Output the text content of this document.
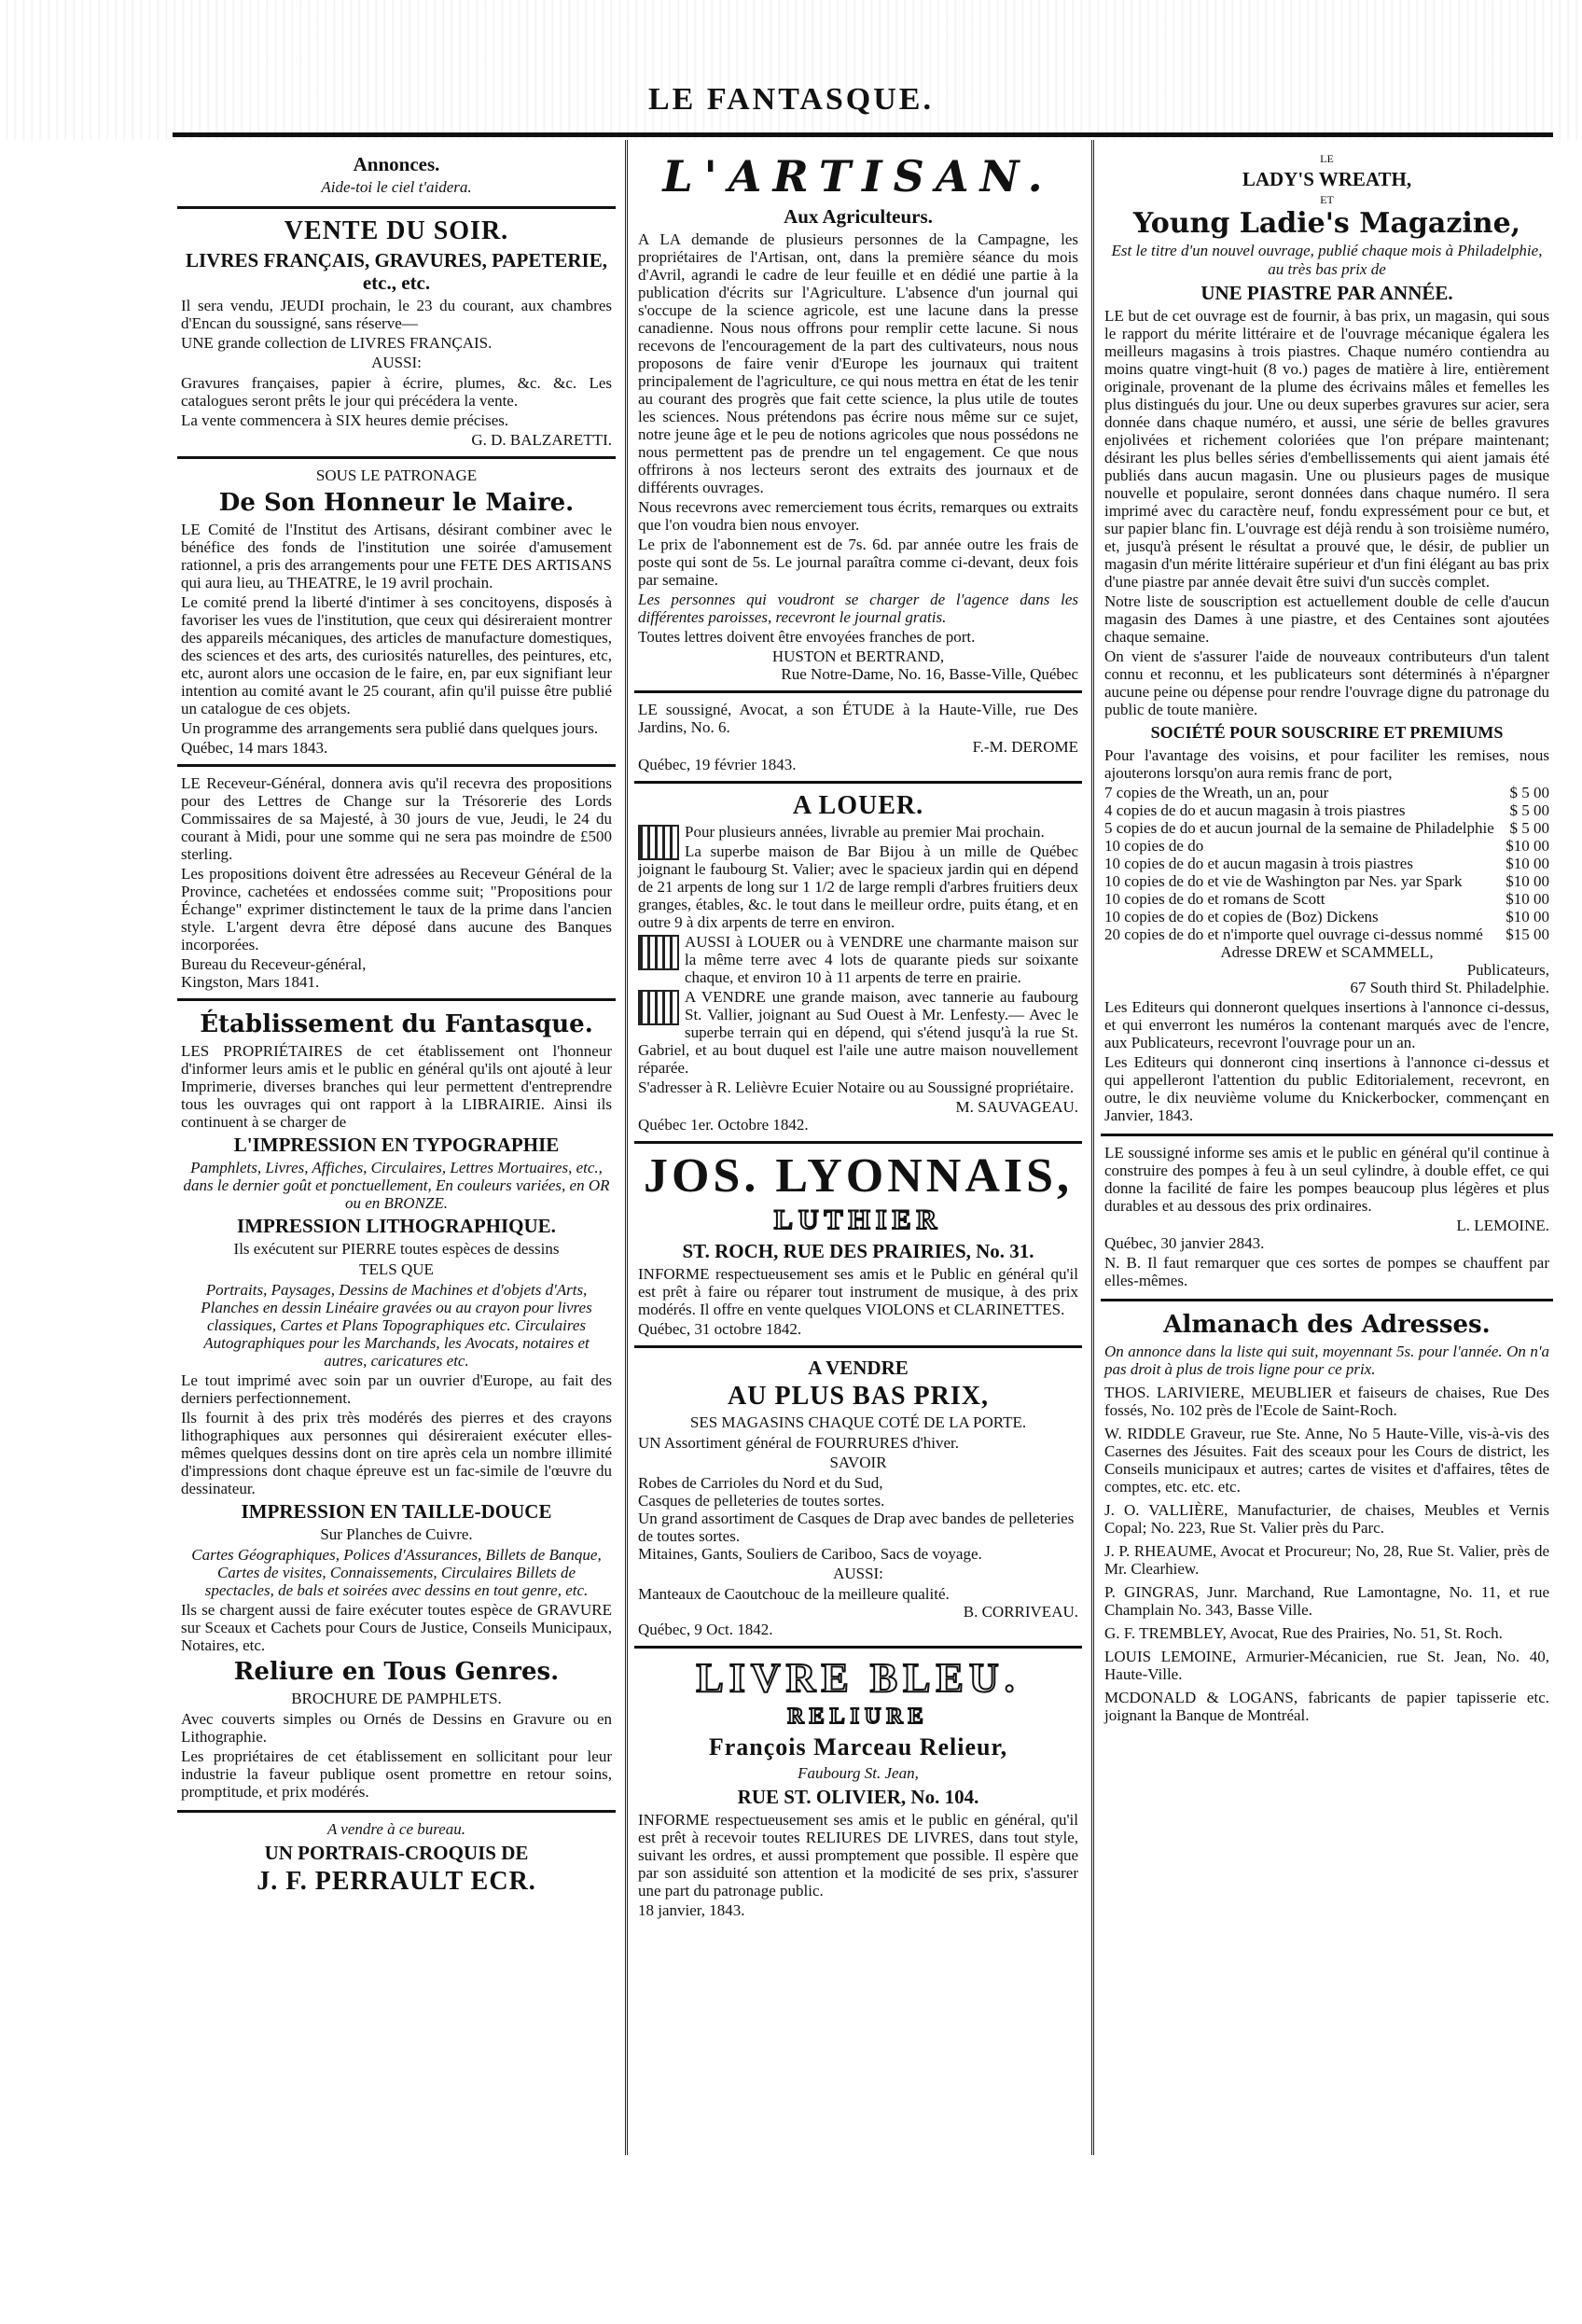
LE FANTASQUE.
Annonces.
Aide-toi le ciel t'aidera.
VENTE DU SOIR.
LIVRES FRANÇAIS, GRAVURES, PAPETERIE, etc., etc.

Il sera vendu, JEUDI prochain, le 23 du courant, aux chambres d'Encan du soussigné, sans réserve—

UNE grande collection de LIVRES FRANÇAIS.

AUSSI:

Gravures françaises, papier à écrire, plumes, &c. &c. Les catalogues seront prêts le jour qui précédera la vente.

La vente commencera à SIX heures demie précises.

G. D. BALZARETTI.
SOUS LE PATRONAGE
De Son Honneur le Maire.

LE Comité de l'Institut des Artisans, désirant combiner avec le bénéfice des fonds de l'institution une soirée d'amusement rationnel, a pris des arrangements pour une FETE DES ARTISANS qui aura lieu, au THEATRE, le 19 avril prochain.

Le comité prend la liberté d'intimer à ses concitoyens, disposés à favoriser les vues de l'institution, que ceux qui désireraient montrer des appareils mécaniques, des articles de manufacture domestiques, des sciences et des arts, des curiosités naturelles, des peintures, etc, etc, auront alors une occasion de le faire, en, par eux signifiant leur intention au comité avant le 25 courant, afin qu'il puisse être publié un catalogue de ces objets.

Un programme des arrangements sera publié dans quelques jours.

Québec, 14 mars 1843.

LE Receveur-Général, donnera avis qu'il recevra des propositions pour des Lettres de Change sur la Trésorerie des Lords Commissaires de sa Majesté, à 30 jours de vue, Jeudi, le 24 du courant à Midi, pour une somme qui ne sera pas moindre de £500 sterling.

Les propositions doivent être adressées au Receveur Général de la Province, cachetées et endossées comme suit; "Propositions pour Échange" exprimer distinctement le taux de la prime dans l'ancien style. L'argent devra être déposé dans aucune des Banques incorporées.

Bureau du Receveur-général,
Kingston, Mars 1841.
Établissement du Fantasque.

LES PROPRIÉTAIRES de cet établissement ont l'honneur d'informer leurs amis et le public en général qu'ils ont ajouté à leur Imprimerie, diverses branches qui leur permettent d'entreprendre tous les ouvrages qui ont rapport à la LIBRAIRIE. Ainsi ils continuent à se charger de

L'IMPRESSION EN TYPOGRAPHIE

Pamphlets, Livres, Affiches, Circulaires, Lettres Mortuaires, etc., dans le dernier goût et ponctuellement, En couleurs variées, en OR ou en BRONZE.

IMPRESSION LITHOGRAPHIQUE.
Ils exécutent sur PIERRE toutes espèces de dessins
TELS QUE

Portraits, Paysages, Dessins de Machines et d'objets d'Arts, Planches en dessin Linéaire gravées ou au crayon pour livres classiques, Cartes et Plans Topographiques etc. Circulaires Autographiques pour les Marchands, les Avocats, notaires et autres, caricatures etc.

Le tout imprimé avec soin par un ouvrier d'Europe, au fait des derniers perfectionnement.

Ils fournit à des prix très modérés des pierres et des crayons lithographiques aux personnes qui désireraient exécuter elles-mêmes quelques dessins dont on tire après cela un nombre illimité d'impressions dont chaque épreuve est un fac-simile de l'œuvre du dessinateur.

IMPRESSION EN TAILLE-DOUCE
Sur Planches de Cuivre.

Cartes Géographiques, Polices d'Assurances, Billets de Banque, Cartes de visites, Connaissements, Circulaires Billets de spectacles, de bals et soirées avec dessins en tout genre, etc.

Ils se chargent aussi de faire exécuter toutes espèce de GRAVURE sur Sceaux et Cachets pour Cours de Justice, Conseils Municipaux, Notaires, etc.

Reliure en Tous Genres.
BROCHURE DE PAMPHLETS.

Avec couverts simples ou Ornés de Dessins en Gravure ou en Lithographie.

Les propriétaires de cet établissement en sollicitant pour leur industrie la faveur publique osent promettre en retour soins, promptitude, et prix modérés.

A vendre à ce bureau.
UN PORTRAIS-CROQUIS DE
J. F. PERRAULT ECR.
L'ARTISAN.
Aux Agriculteurs.

A LA demande de plusieurs personnes de la Campagne, les propriétaires de l'Artisan, ont, dans la première séance du mois d'Avril, agrandi le cadre de leur feuille et en dédié une partie à la publication d'écrits sur l'Agriculture. L'absence d'un journal qui s'occupe de la science agricole, est une lacune dans la presse canadienne. Nous nous offrons pour remplir cette lacune. Si nous recevons de l'encouragement de la part des cultivateurs, nous nous proposons de faire venir d'Europe les journaux qui traitent principalement de l'agriculture, ce qui nous mettra en état de les tenir au courant des progrès que fait cette science, la plus utile de toutes les sciences. Nous prétendons pas écrire nous même sur ce sujet, notre jeune âge et le peu de notions agricoles que nous possédons ne nous permettent pas de prendre un tel engagement. Ce que nous offrirons à nos lecteurs seront des extraits des journaux et de différents ouvrages.

Nous recevrons avec remerciement tous écrits, remarques ou extraits que l'on voudra bien nous envoyer.

Le prix de l'abonnement est de 7s. 6d. par année outre les frais de poste qui sont de 5s. Le journal paraîtra comme ci-devant, deux fois par semaine.

Les personnes qui voudront se charger de l'agence dans les différentes paroisses, recevront le journal gratis.

Toutes lettres doivent être envoyées franches de port.

HUSTON et BERTRAND,
Rue Notre-Dame, No. 16, Basse-Ville, Québec

LE soussigné, Avocat, a son ÉTUDE à la Haute-Ville, rue Des Jardins, No. 6.

F.-M. DEROME
Québec, 19 février 1843.
A LOUER.

Pour plusieurs années, livrable au premier Mai prochain.

La superbe maison de Bar Bijou à un mille de Québec joignant le faubourg St. Valier; avec le spacieux jardin qui en dépend de 21 arpents de long sur 1 1/2 de large rempli d'arbres fruitiers deux granges, étables, &c. le tout dans le meilleur ordre, puits étang, et en outre 9 à dix arpents de terre en environ.

AUSSI à LOUER ou à VENDRE une charmante maison sur la même terre avec 4 lots de quarante pieds sur soixante chaque, et environ 10 à 11 arpents de terre en prairie.

A VENDRE une grande maison, avec tannerie au faubourg St. Vallier, joignant au Sud Ouest à Mr. Lenfesty.— Avec le superbe terrain qui en dépend, qui s'étend jusqu'à la rue St. Gabriel, et au bout duquel est l'aile une autre maison nouvellement réparée.

S'adresser à R. Lelièvre Ecuier Notaire ou au Soussigné propriétaire.

M. SAUVAGEAU.
Québec 1er. Octobre 1842.
JOS. LYONNAIS,
LUTHIER
ST. ROCH, RUE DES PRAIRIES, No. 31.

INFORME respectueusement ses amis et le Public en général qu'il est prêt à faire ou réparer tout instrument de musique, à des prix modérés. Il offre en vente quelques VIOLONS et CLARINETTES.

Québec, 31 octobre 1842.
A VENDRE
AU PLUS BAS PRIX,
SES MAGASINS CHAQUE COTÉ DE LA PORTE.

UN Assortiment général de FOURRURES d'hiver.

SAVOIR
Robes de Carrioles du Nord et du Sud,
Casques de pelleteries de toutes sortes.
Un grand assortiment de Casques de Drap avec bandes de pelleteries de toutes sortes.
Mitaines, Gants, Souliers de Cariboo, Sacs de voyage.
AUSSI:
Manteaux de Caoutchouc de la meilleure qualité.
B. CORRIVEAU.
Québec, 9 Oct. 1842.
LIVRE BLEU.
RELIURE
François Marceau Relieur,
Faubourg St. Jean,
RUE ST. OLIVIER, No. 104.

INFORME respectueusement ses amis et le public en général, qu'il est prêt à recevoir toutes RELIURES DE LIVRES, dans tout style, suivant les ordres, et aussi promptement que possible. Il espère que par son assiduité son attention et la modicité de ses prix, s'assurer une part du patronage public.

18 janvier, 1843.
LE
LADY'S WREATH,
ET
Young Ladie's Magazine,
Est le titre d'un nouvel ouvrage, publié chaque mois à Philadelphie, au très bas prix de
UNE PIASTRE PAR ANNÉE.

LE but de cet ouvrage est de fournir, à bas prix, un magasin, qui sous le rapport du mérite littéraire et de l'ouvrage mécanique égalera les meilleurs magasins à trois piastres. Chaque numéro contiendra au moins quatre vingt-huit (8 vo.) pages de matière à lire, entièrement originale, provenant de la plume des écrivains mâles et femelles les plus distingués du jour. Une ou deux superbes gravures sur acier, sera donnée dans chaque numéro, et aussi, une série de belles gravures enjolivées et richement coloriées que l'on prépare maintenant; désirant les plus belles séries d'embellissements qui aient jamais été publiés dans aucun magasin. Une ou plusieurs pages de musique nouvelle et populaire, seront données dans chaque numéro. Il sera imprimé avec du caractère neuf, fondu expressément pour ce but, et sur papier blanc fin. L'ouvrage est déjà rendu à son troisième numéro, et, jusqu'à présent le résultat a prouvé que, le désir, de publier un magasin d'un mérite littéraire supérieur et d'un fini élégant au bas prix d'une piastre par année devait être suivi d'un succès complet.

Notre liste de souscription est actuellement double de celle d'aucun magasin des Dames à une piastre, et des Centaines sont ajoutées chaque semaine.

On vient de s'assurer l'aide de nouveaux contributeurs d'un talent connu et reconnu, et les publicateurs sont déterminés à n'épargner aucune peine ou dépense pour rendre l'ouvrage digne du patronage du public de toute manière.

SOCIÉTÉ POUR SOUSCRIRE ET PREMIUMS

Pour l'avantage des voisins, et pour faciliter les remises, nous ajouterons lorsqu'on aura remis franc de port,

7 copies de the Wreath, un an, pour	$ 5 00
4 copies de do et aucun magasin à trois piastres	$ 5 00
5 copies de do et aucun journal de la semaine de Philadelphie $ 5 00
10 copies de do	$10 00
10 copies de do et aucun magasin à trois piastres	$10 00
10 copies de do et vie de Washington par Nes. yar Spark	$10 00
10 copies de do et romans de Scott	$10 00
10 copies de do et copies de (Boz) Dickens	$10 00
20 copies de do et n'importe quel ouvrage ci-dessus nommé $15 00
Adresse DREW et SCAMMELL,
Publicateurs,
67 South third St. Philadelphie.

Les Editeurs qui donneront quelques insertions à l'annonce ci-dessus, et qui enverront les numéros la contenant marqués avec de l'encre, aux Publicateurs, recevront l'ouvrage pour un an.

Les Editeurs qui donneront cinq insertions à l'annonce ci-dessus et qui appelleront l'attention du public Editorialement, recevront, en outre, le dix neuvième volume du Knickerbocker, commençant en Janvier, 1843.

LE soussigné informe ses amis et le public en général qu'il continue à construire des pompes à feu à un seul cylindre, à double effet, ce qui donne la facilité de faire les pompes beaucoup plus légères et plus durables et au dessous des prix ordinaires.

L. LEMOINE.
Québec, 30 janvier 2843.

N. B. Il faut remarquer que ces sortes de pompes se chauffent par elles-mêmes.

Almanach des Adresses.

On annonce dans la liste qui suit, moyennant 5s. pour l'année. On n'a pas droit à plus de trois ligne pour ce prix.

THOS. LARIVIERE, MEUBLIER et faiseurs de chaises, Rue Des fossés, No. 102 près de l'Ecole de Saint-Roch.

W. RIDDLE Graveur, rue Ste. Anne, No 5 Haute-Ville, vis-à-vis des Casernes des Jésuites. Fait des sceaux pour les Cours de district, les Conseils municipaux et autres; cartes de visites et d'affaires, têtes de comptes, etc. etc. etc.

J. O. VALLIÈRE, Manufacturier, de chaises, Meubles et Vernis Copal; No. 223, Rue St. Valier près du Parc.

J. P. RHEAUME, Avocat et Procureur; No, 28, Rue St. Valier, près de Mr. Clearhiew.

P. GINGRAS, Junr. Marchand, Rue Lamontagne, No. 11, et rue Champlain No. 343, Basse Ville.

G. F. TREMBLEY, Avocat, Rue des Prairies, No. 51, St. Roch.

LOUIS LEMOINE, Armurier-Mécanicien, rue St. Jean, No. 40, Haute-Ville.

MCDONALD & LOGANS, fabricants de papier tapisserie etc. joignant la Banque de Montréal.
